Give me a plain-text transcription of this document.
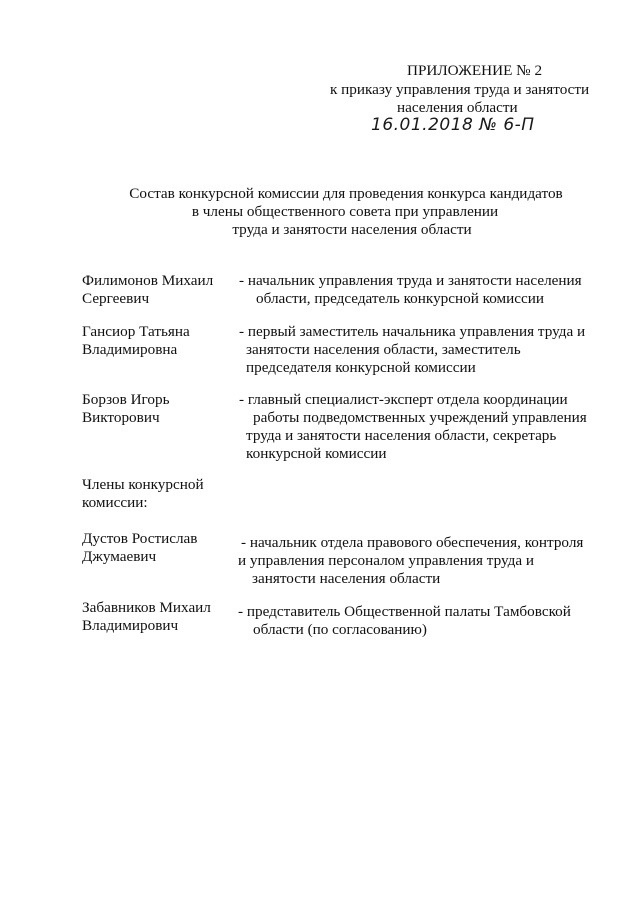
ПРИЛОЖЕНИЕ № 2
к приказу управления труда и занятости
населения области
16.01.2018 № 6-П
Состав конкурсной комиссии для проведения конкурса кандидатов
в члены общественного совета при управлении
труда и занятости населения области
Филимонов Михаил
Сергеевич
- начальник управления труда и занятости населения
области, председатель конкурсной комиссии
Гансиор Татьяна
Владимировна
- первый заместитель начальника управления труда и
занятости населения области, заместитель
председателя конкурсной комиссии
Борзов Игорь
Викторович
- главный специалист-эксперт отдела координации
работы подведомственных учреждений управления
труда и занятости населения области, секретарь
конкурсной комиссии
Члены конкурсной
комиссии:
Дустов Ростислав
Джумаевич
- начальник отдела правового обеспечения, контроля
и управления персоналом управления труда и
занятости населения области
Забавников Михаил
Владимирович
- представитель Общественной палаты Тамбовской
области (по согласованию)
